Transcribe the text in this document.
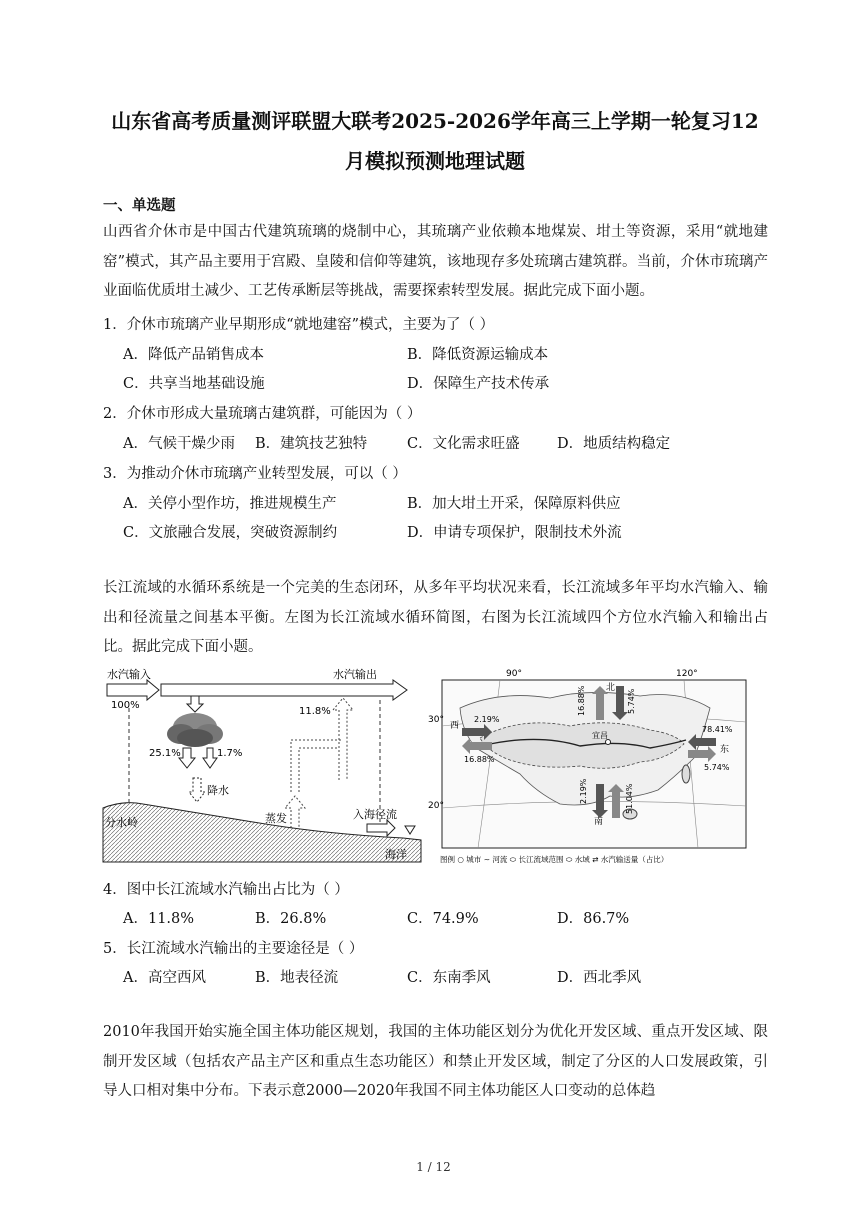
山东省高考质量测评联盟大联考2025-2026学年高三上学期一轮复习12
月模拟预测地理试题
一、单选题
山西省介休市是中国古代建筑琉璃的烧制中心，其琉璃产业依赖本地煤炭、坩土等资源，采用“就地建窑”模式，其产品主要用于宫殿、皇陵和信仰等建筑，该地现存多处琉璃古建筑群。当前，介休市琉璃产业面临优质坩土减少、工艺传承断层等挑战，需要探索转型发展。据此完成下面小题。
1．介休市琉璃产业早期形成“就地建窑”模式，主要为了（ ）
A．降低产品销售成本	B．降低资源运输成本
C．共享当地基础设施	D．保障生产技术传承
2．介休市形成大量琉璃古建筑群，可能因为（ ）
A．气候干燥少雨 B．建筑技艺独特	C．文化需求旺盛	D．地质结构稳定
3．为推动介休市琉璃产业转型发展，可以（ ）
A．关停小型作坊，推进规模生产	B．加大坩土开采，保障原料供应
C．文旅融合发展，突破资源制约	D．申请专项保护，限制技术外流
长江流域的水循环系统是一个完美的生态闭环，从多年平均状况来看，长江流域多年平均水汽输入、输出和径流量之间基本平衡。左图为长江流域水循环简图，右图为长江流域四个方位水汽输入和输出占比。据此完成下面小题。
水汽输入
100%
水汽输出
11.8%
25.1%	1.7%
降水
蒸发
分水岭
入海径流
海洋
90°	120°
30°
20°
宜昌
西
2.19%
16.88%
北
16.88%	5.74%
东
78.41%
5.74%
南
2.19%	51.04%
图例 ○ 城市 ∼ 河流 ⬭ 长江流域范围 ⬭ 水域 ⇄ 水汽输送量（占比）
4．图中长江流域水汽输出占比为（ ）
A．11.8%	B．26.8%	C．74.9%	D．86.7%
5．长江流域水汽输出的主要途径是（ ）
A．高空西风	B．地表径流	C．东南季风	D．西北季风
2010年我国开始实施全国主体功能区规划，我国的主体功能区划分为优化开发区域、重点开发区域、限制开发区域（包括农产品主产区和重点生态功能区）和禁止开发区域，制定了分区的人口发展政策，引导人口相对集中分布。下表示意2000—2020年我国不同主体功能区人口变动的总体趋
1 / 12
